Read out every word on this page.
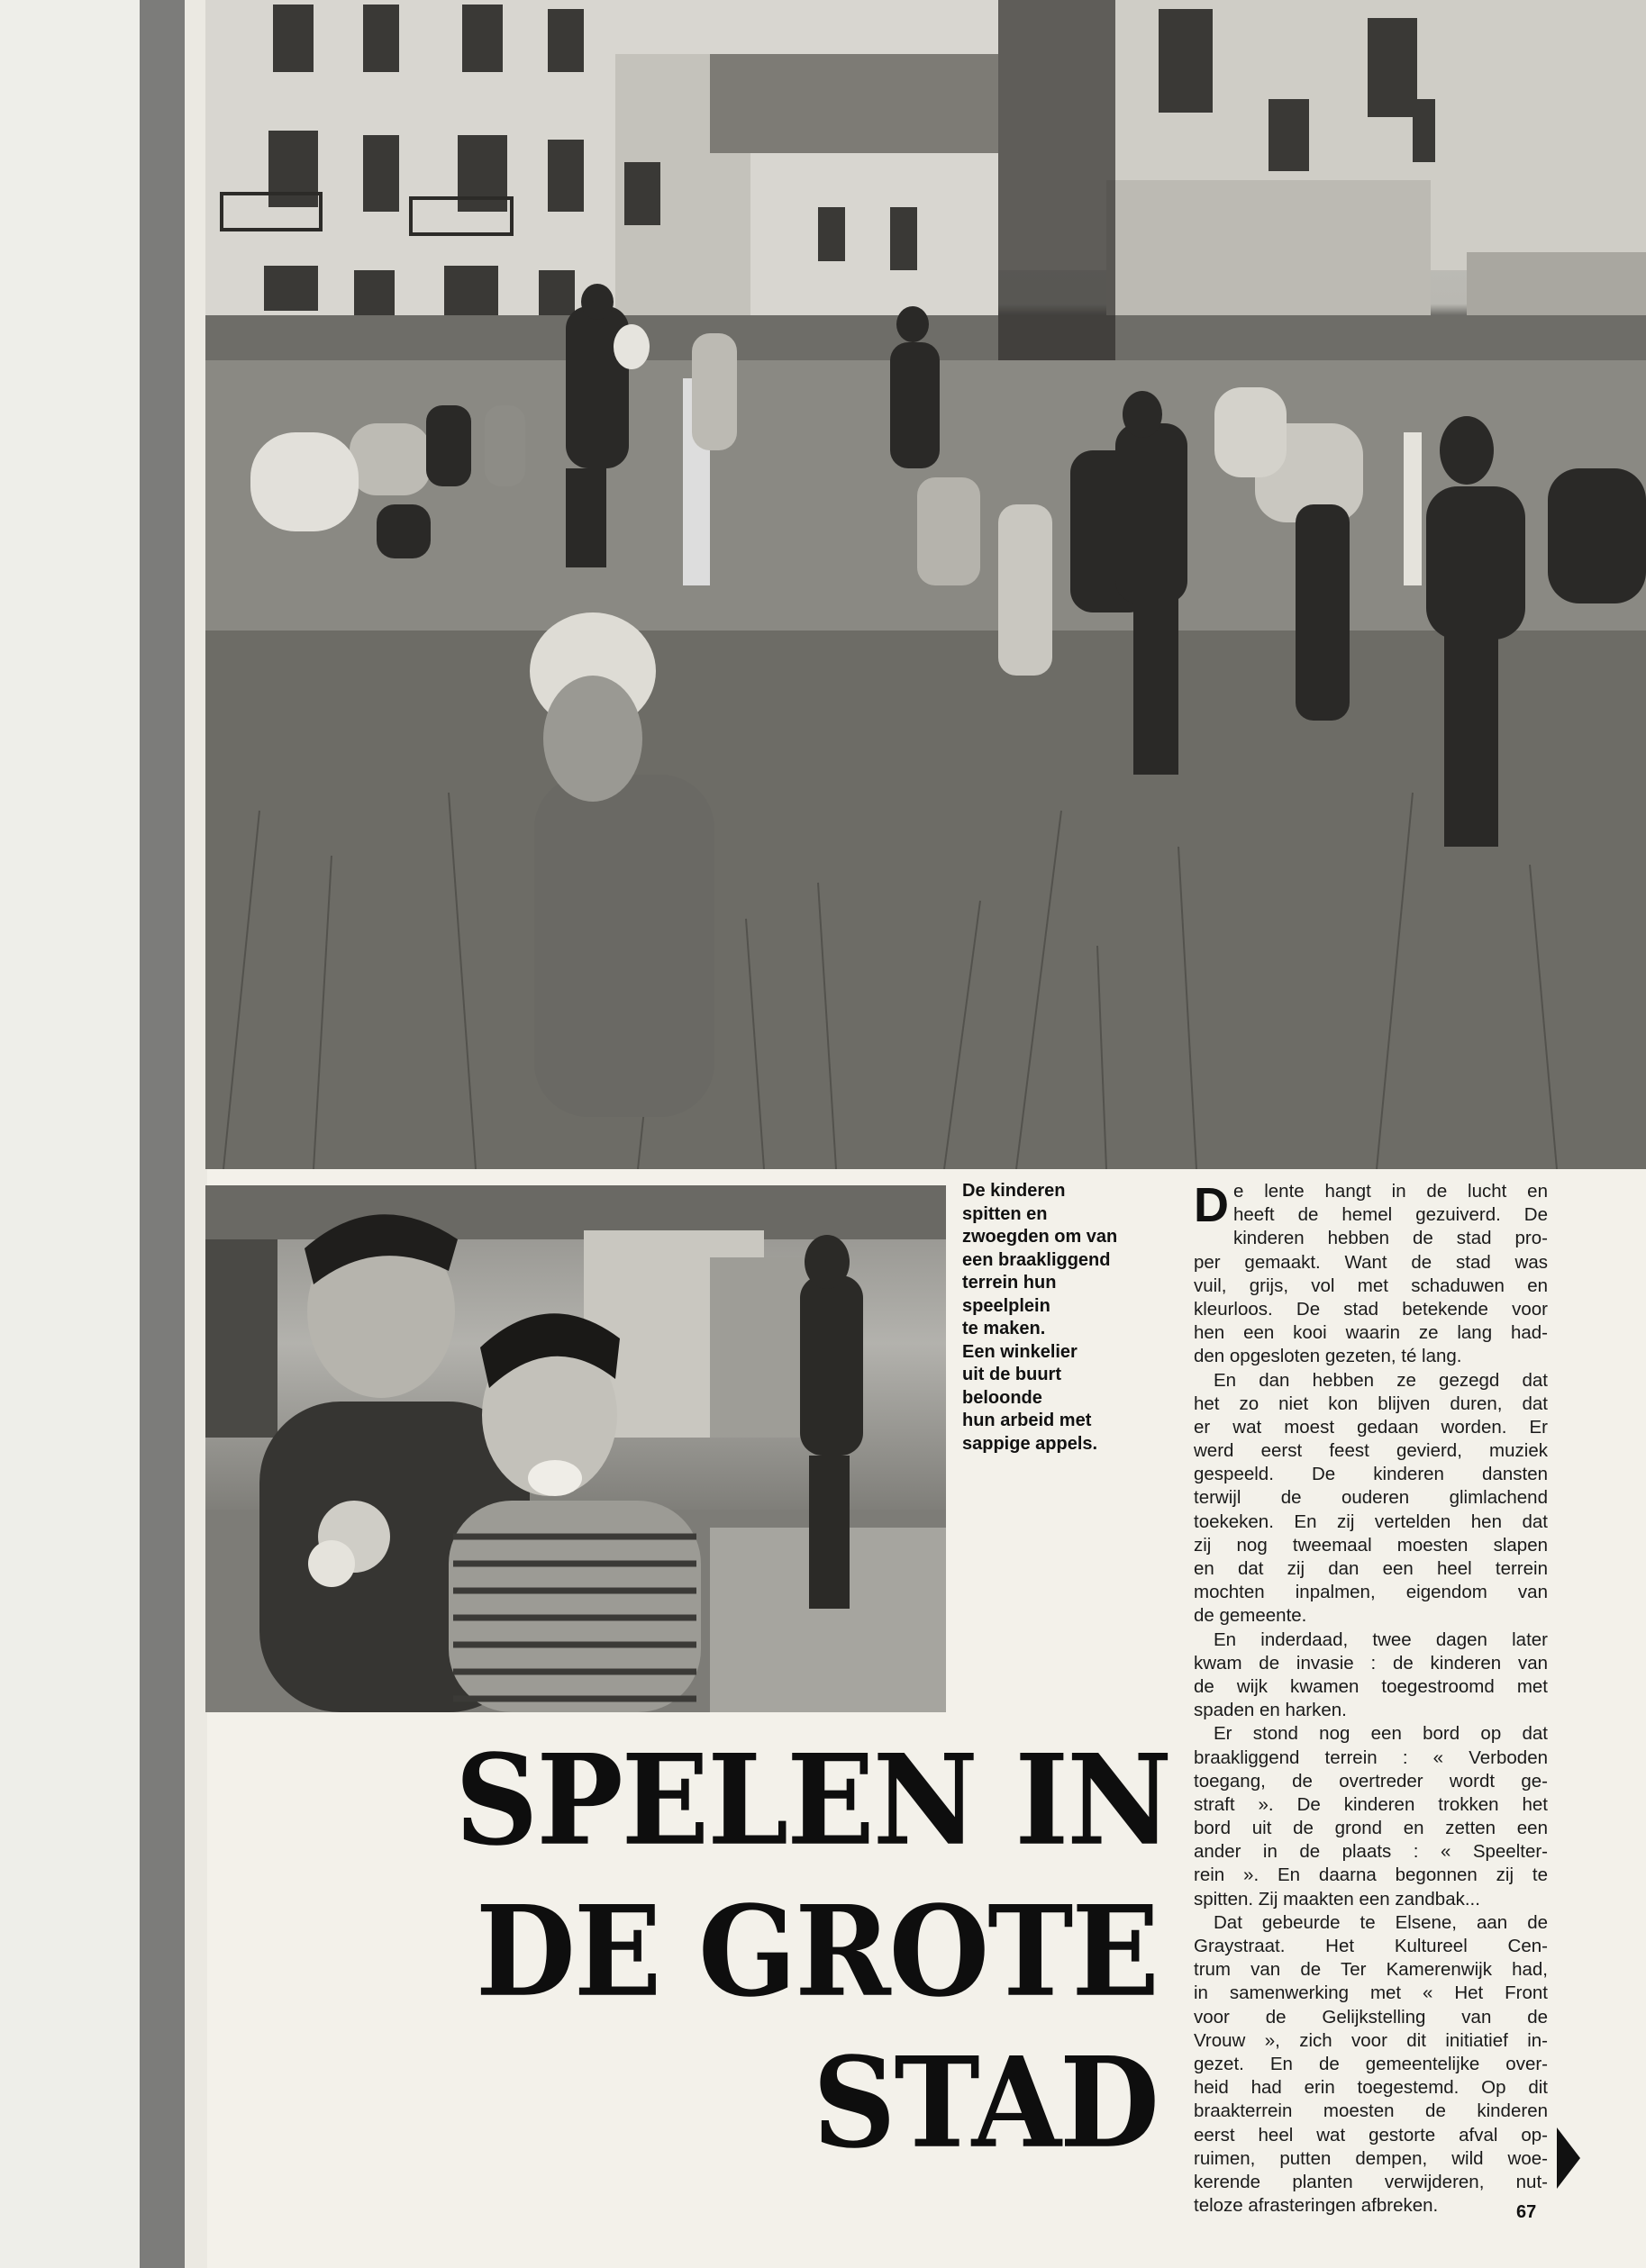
De kinderen
spitten en
zwoegden om van
een braakliggend
terrein hun
speelplein
te maken.
Een winkelier
uit de buurt
beloonde
hun arbeid met
sappige appels.
D e lente hangt in de lucht en
heeft de hemel gezuiverd. De
kinderen hebben de stad pro-
per gemaakt. Want de stad was
vuil, grijs, vol met schaduwen en
kleurloos. De stad betekende voor
hen een kooi waarin ze lang had-
den opgesloten gezeten, té lang.
En dan hebben ze gezegd dat
het zo niet kon blijven duren, dat
er wat moest gedaan worden. Er
werd eerst feest gevierd, muziek
gespeeld. De kinderen dansten
terwijl de ouderen glimlachend
toekeken. En zij vertelden hen dat
zij nog tweemaal moesten slapen
en dat zij dan een heel terrein
mochten inpalmen, eigendom van
de gemeente.
En inderdaad, twee dagen later
kwam de invasie : de kinderen van
de wijk kwamen toegestroomd met
spaden en harken.
Er stond nog een bord op dat
braakliggend terrein : « Verboden
toegang, de overtreder wordt ge-
straft ». De kinderen trokken het
bord uit de grond en zetten een
ander in de plaats : « Speelter-
rein ». En daarna begonnen zij te
spitten. Zij maakten een zandbak...
Dat gebeurde te Elsene, aan de
Graystraat. Het Kultureel Cen-
trum van de Ter Kamerenwijk had,
in samenwerking met « Het Front
voor de Gelijkstelling van de
Vrouw », zich voor dit initiatief in-
gezet. En de gemeentelijke over-
heid had erin toegestemd. Op dit
braakterrein moesten de kinderen
eerst heel wat gestorte afval op-
ruimen, putten dempen, wild woe-
kerende planten verwijderen, nut-
teloze afrasteringen afbreken.
SPELEN IN
DE GROTE
STAD
67
